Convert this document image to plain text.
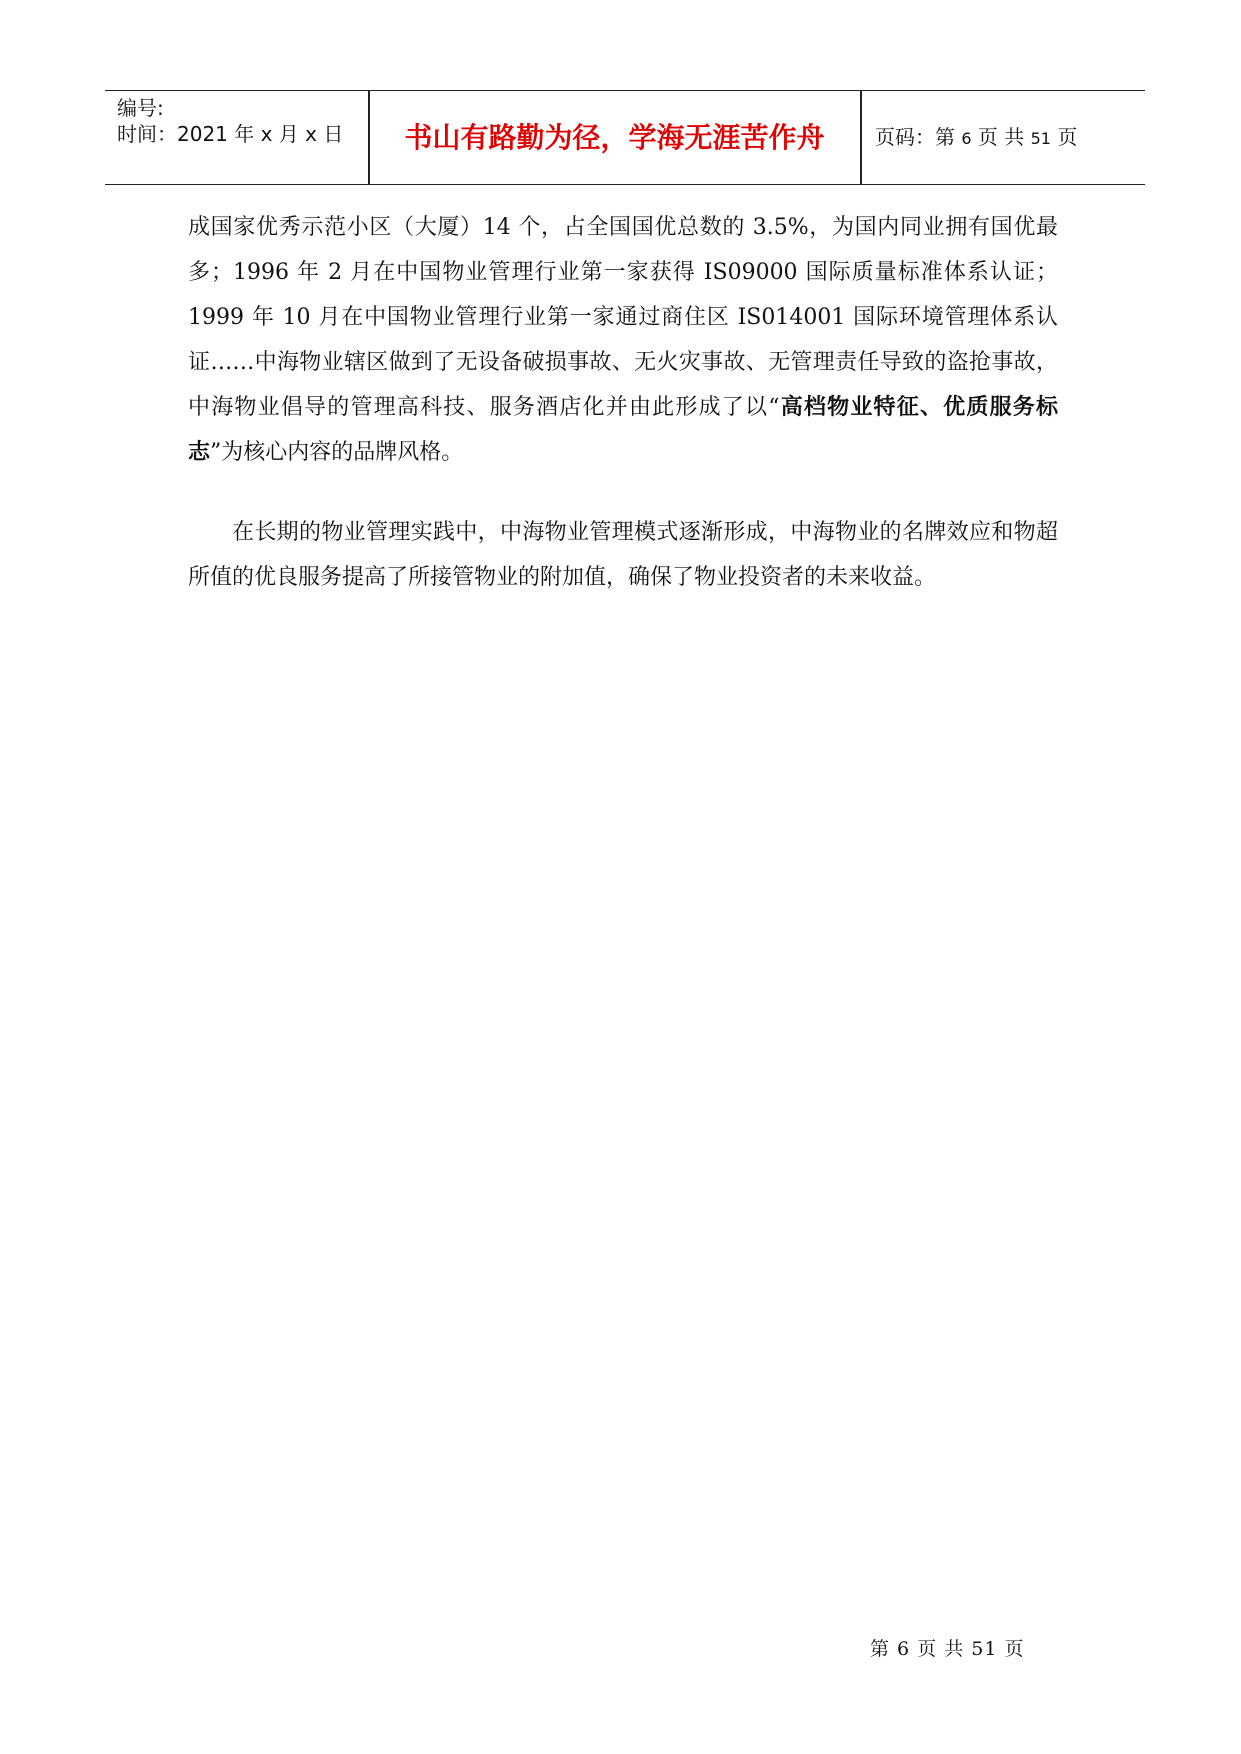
编号:
时间：2021 年 x 月 x 日	书山有路勤为径，学海无涯苦作舟	页码：第 6 页 共 51 页

成国家优秀示范小区（大厦）14 个，占全国国优总数的 3.5%，为国内同业拥有国优最多；1996 年 2 月在中国物业管理行业第一家获得 IS09000 国际质量标准体系认证；1999 年 10 月在中国物业管理行业第一家通过商住区 IS014001 国际环境管理体系认证……中海物业辖区做到了无设备破损事故、无火灾事故、无管理责任导致的盗抢事故，中海物业倡导的管理高科技、服务酒店化并由此形成了以“高档物业特征、优质服务标志”为核心内容的品牌风格。

在长期的物业管理实践中，中海物业管理模式逐渐形成，中海物业的名牌效应和物超所值的优良服务提高了所接管物业的附加值，确保了物业投资者的未来收益。

第 6 页 共 51 页
